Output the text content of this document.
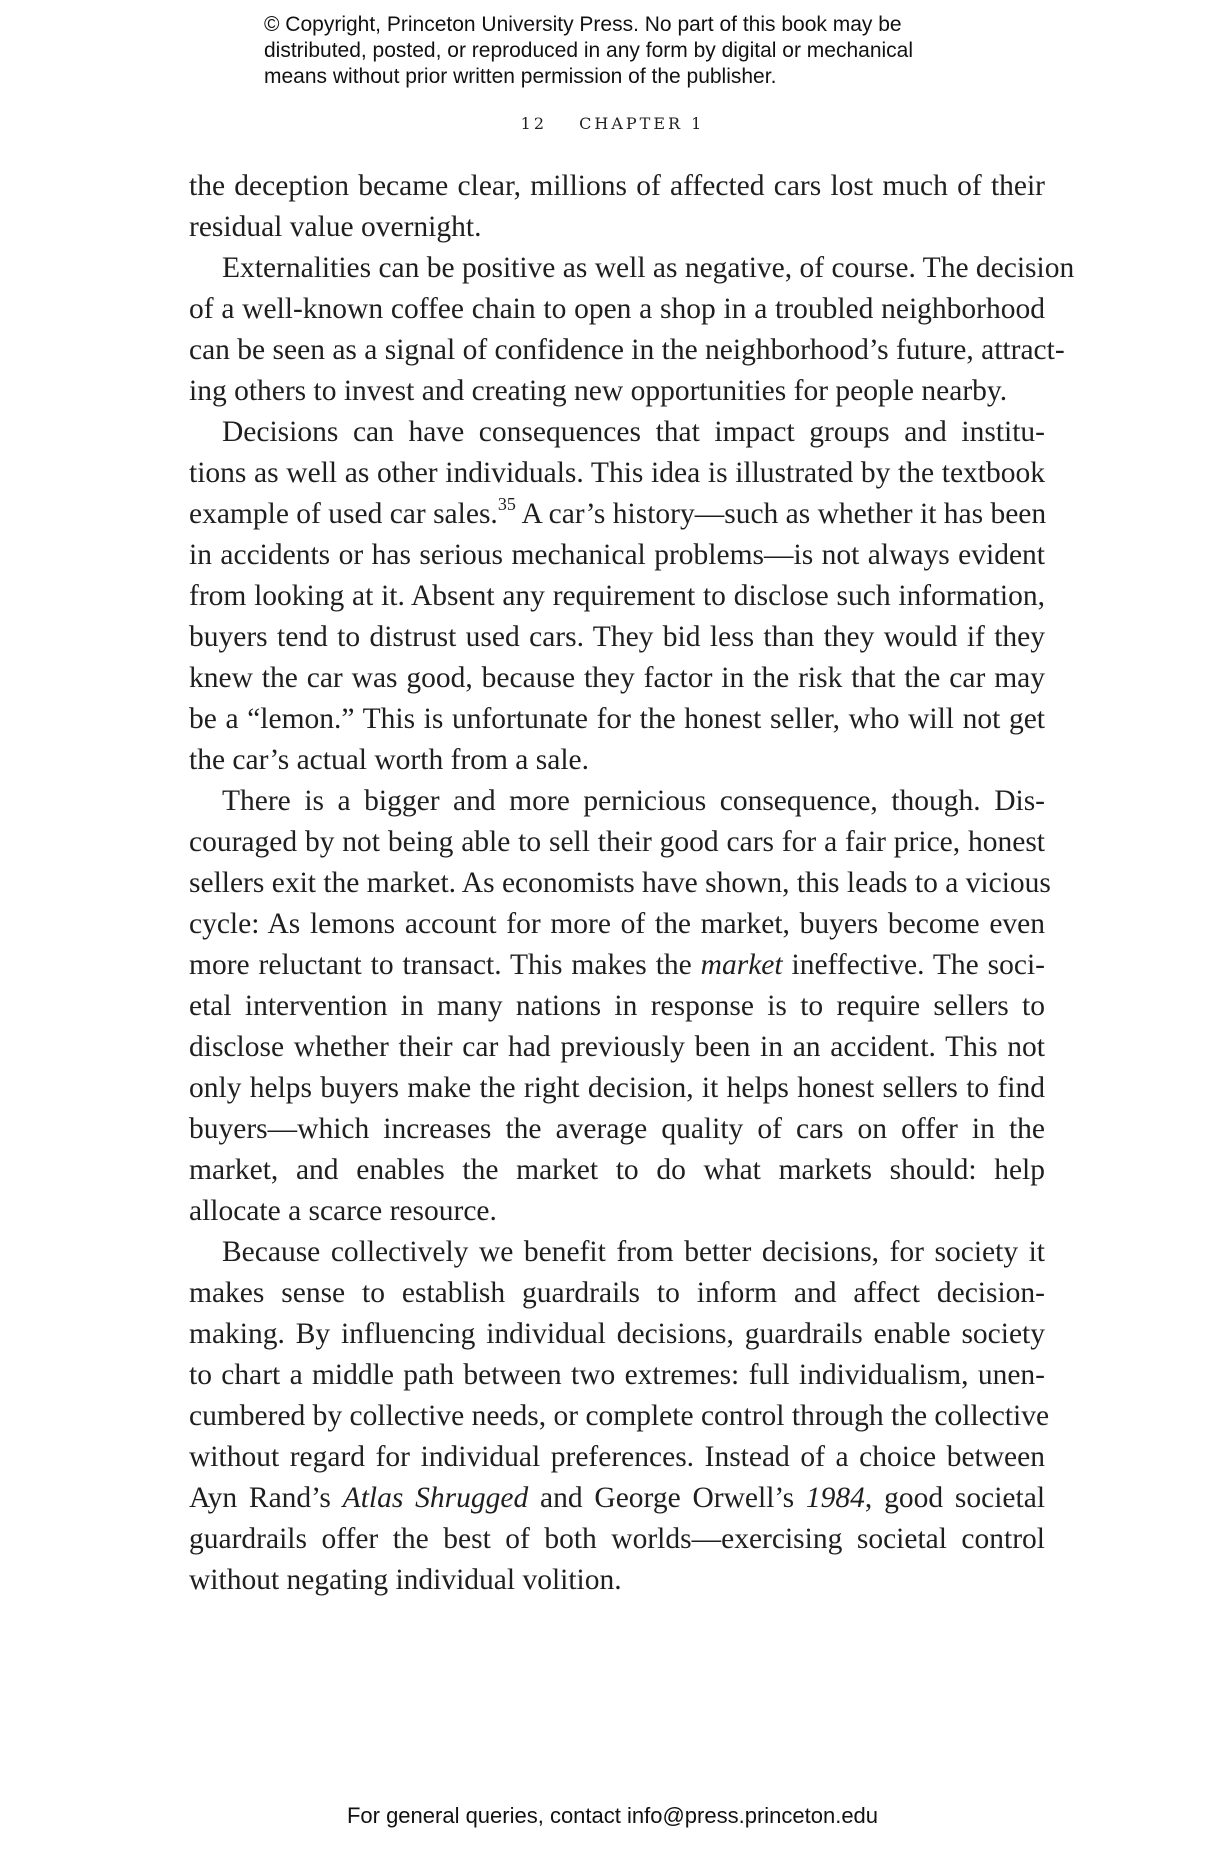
© Copyright, Princeton University Press. No part of this book may be
distributed, posted, or reproduced in any form by digital or mechanical
means without prior written permission of the publisher.
12 CHAPTER 1

the deception became clear, millions of affected cars lost much of their
residual value overnight.

Externalities can be positive as well as negative, of course. The decision
of a well-known coffee chain to open a shop in a troubled neighborhood
can be seen as a signal of confidence in the neighborhood’s future, attract-
ing others to invest and creating new opportunities for people nearby.

Decisions can have consequences that impact groups and institu-
tions as well as other individuals. This idea is illustrated by the textbook
example of used car sales.$^{35}$ A car’s history—such as whether it has been
in accidents or has serious mechanical problems—is not always evident
from looking at it. Absent any requirement to disclose such information,
buyers tend to distrust used cars. They bid less than they would if they
knew the car was good, because they factor in the risk that the car may
be a “lemon.” This is unfortunate for the honest seller, who will not get
the car’s actual worth from a sale.

There is a bigger and more pernicious consequence, though. Dis-
couraged by not being able to sell their good cars for a fair price, honest
sellers exit the market. As economists have shown, this leads to a vicious
cycle: As lemons account for more of the market, buyers become even
more reluctant to transact. This makes the market ineffective. The soci-
etal intervention in many nations in response is to require sellers to
disclose whether their car had previously been in an accident. This not
only helps buyers make the right decision, it helps honest sellers to find
buyers—which increases the average quality of cars on offer in the
market, and enables the market to do what markets should: help
allocate a scarce resource.

Because collectively we benefit from better decisions, for society it
makes sense to establish guardrails to inform and affect decision-
making. By influencing individual decisions, guardrails enable society
to chart a middle path between two extremes: full individualism, unen-
cumbered by collective needs, or complete control through the collective
without regard for individual preferences. Instead of a choice between
Ayn Rand’s Atlas Shrugged and George Orwell’s 1984, good societal
guardrails offer the best of both worlds—exercising societal control
without negating individual volition.

For general queries, contact info@press.princeton.edu
